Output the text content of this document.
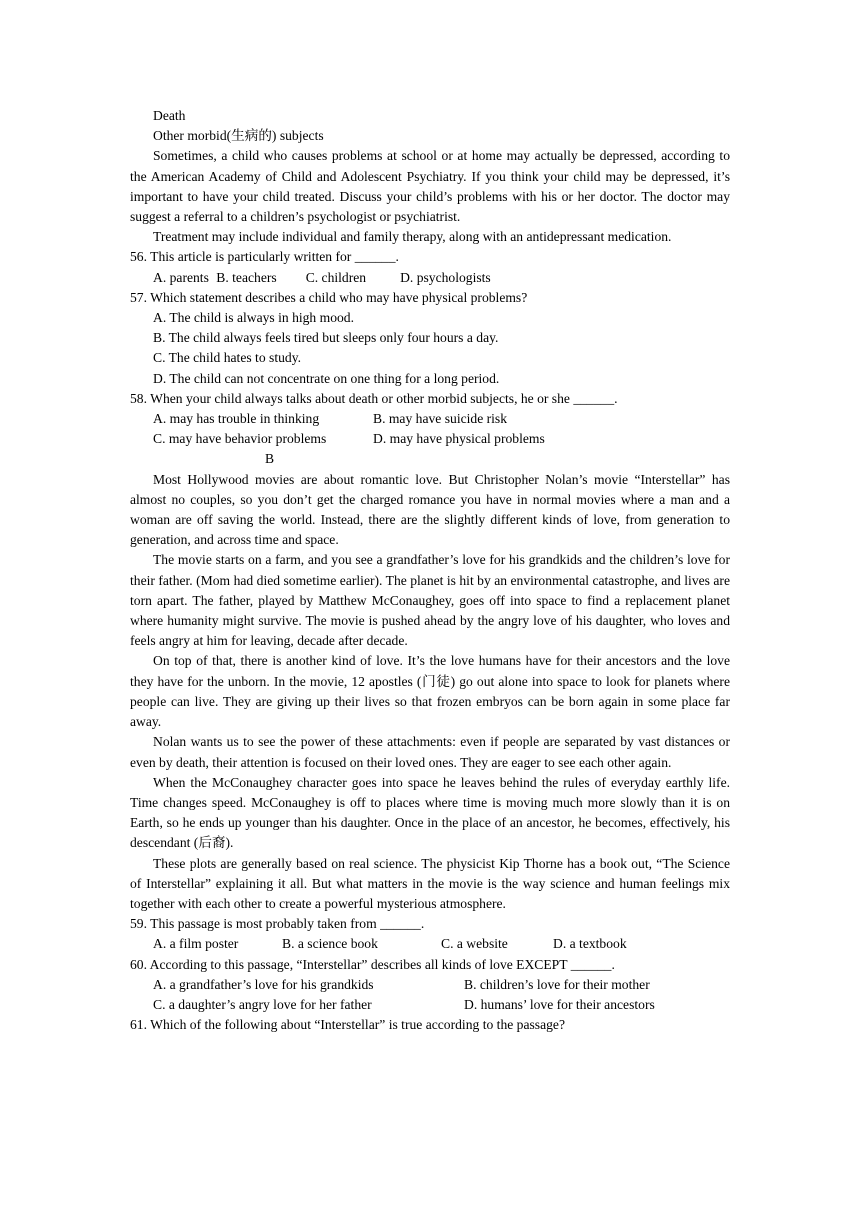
Death

Other morbid(生病的) subjects

Sometimes, a child who causes problems at school or at home may actually be depressed, according to the American Academy of Child and Adolescent Psychiatry. If you think your child may be depressed, it’s important to have your child treated. Discuss your child’s problems with his or her doctor. The doctor may suggest a referral to a children’s psychologist or psychiatrist.

Treatment may include individual and family therapy, along with an antidepressant medication.

56. This article is particularly written for ______.

A. parents B. teachers C. children	D. psychologists

57. Which statement describes a child who may have physical problems?

A. The child is always in high mood.

B. The child always feels tired but sleeps only four hours a day.

C. The child hates to study.

D. The child can not concentrate on one thing for a long period.

58. When your child always talks about death or other morbid subjects, he or she ______.

A. may has trouble in thinking	B. may have suicide risk

C. may have behavior problems	D. may have physical problems

B

Most Hollywood movies are about romantic love. But Christopher Nolan’s movie “Interstellar” has almost no couples, so you don’t get the charged romance you have in normal movies where a man and a woman are off saving the world. Instead, there are the slightly different kinds of love, from generation to generation, and across time and space.

The movie starts on a farm, and you see a grandfather’s love for his grandkids and the children’s love for their father. (Mom had died sometime earlier). The planet is hit by an environmental catastrophe, and lives are torn apart. The father, played by Matthew McConaughey, goes off into space to find a replacement planet where humanity might survive. The movie is pushed ahead by the angry love of his daughter, who loves and feels angry at him for leaving, decade after decade.

On top of that, there is another kind of love. It’s the love humans have for their ancestors and the love they have for the unborn. In the movie, 12 apostles (门徒) go out alone into space to look for planets where people can live. They are giving up their lives so that frozen embryos can be born again in some place far away.

Nolan wants us to see the power of these attachments: even if people are separated by vast distances or even by death, their attention is focused on their loved ones. They are eager to see each other again.

When the McConaughey character goes into space he leaves behind the rules of everyday earthly life. Time changes speed. McConaughey is off to places where time is moving much more slowly than it is on Earth, so he ends up younger than his daughter. Once in the place of an ancestor, he becomes, effectively, his descendant (后裔).

These plots are generally based on real science. The physicist Kip Thorne has a book out, “The Science of Interstellar” explaining it all. But what matters in the movie is the way science and human feelings mix together with each other to create a powerful mysterious atmosphere.

59. This passage is most probably taken from ______.

A. a film poster	B. a science book	C. a website	D. a textbook

60. According to this passage, “Interstellar” describes all kinds of love EXCEPT ______.

A. a grandfather’s love for his grandkids	B. children’s love for their mother

C. a daughter’s angry love for her father	D. humans’ love for their ancestors

61. Which of the following about “Interstellar” is true according to the passage?
